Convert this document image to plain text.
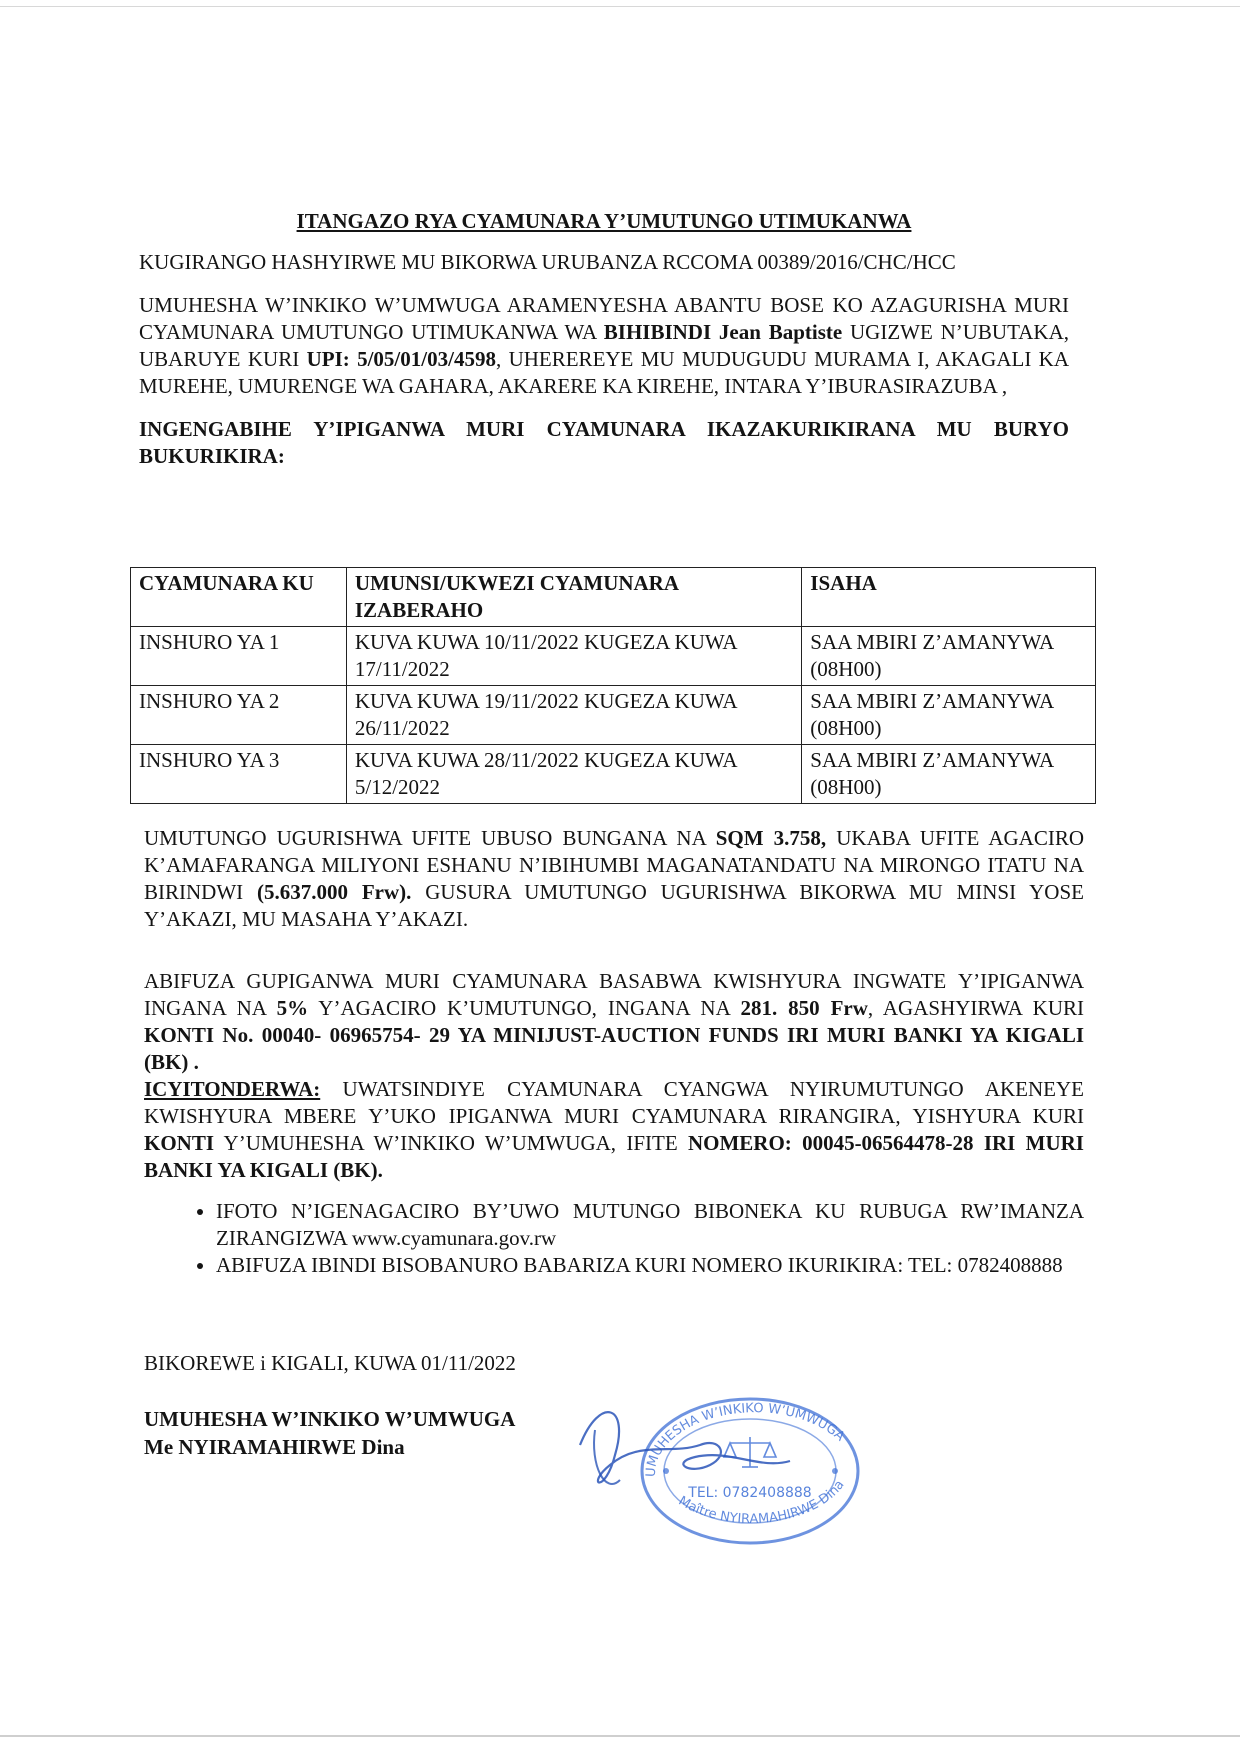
ITANGAZO RYA CYAMUNARA Y’UMUTUNGO UTIMUKANWA

KUGIRANGO HASHYIRWE MU BIKORWA URUBANZA RCCOMA 00389/2016/CHC/HCC

UMUHESHA W’INKIKO W’UMWUGA ARAMENYESHA ABANTU BOSE KO AZAGURISHA MURI CYAMUNARA UMUTUNGO UTIMUKANWA WA BIHIBINDI Jean Baptiste UGIZWE N’UBUTAKA, UBARUYE KURI UPI: 5/05/01/03/4598, UHEREREYE MU MUDUGUDU MURAMA I, AKAGALI KA MUREHE, UMURENGE WA GAHARA, AKARERE KA KIREHE, INTARA Y’IBURASIRAZUBA ,

INGENGABIHE Y’IPIGANWA MURI CYAMUNARA IKAZAKURIKIRANA MU BURYO BUKURIKIRA:

CYAMUNARA KU	UMUNSI/UKWEZI CYAMUNARA IZABERAHO	ISAHA
INSHURO YA 1	KUVA KUWA 10/11/2022 KUGEZA KUWA 17/11/2022	SAA MBIRI Z’AMANYWA (08H00)
INSHURO YA 2	KUVA KUWA 19/11/2022 KUGEZA KUWA 26/11/2022	SAA MBIRI Z’AMANYWA (08H00)
INSHURO YA 3	KUVA KUWA 28/11/2022 KUGEZA KUWA 5/12/2022	SAA MBIRI Z’AMANYWA (08H00)

UMUTUNGO UGURISHWA UFITE UBUSO BUNGANA NA SQM 3.758, UKABA UFITE AGACIRO K’AMAFARANGA MILIYONI ESHANU N’IBIHUMBI MAGANATANDATU NA MIRONGO ITATU NA BIRINDWI (5.637.000 Frw). GUSURA UMUTUNGO UGURISHWA BIKORWA MU MINSI YOSE Y’AKAZI, MU MASAHA Y’AKAZI.

ABIFUZA GUPIGANWA MURI CYAMUNARA BASABWA KWISHYURA INGWATE Y’IPIGANWA INGANA NA 5% Y’AGACIRO K’UMUTUNGO, INGANA NA 281. 850 Frw, AGASHYIRWA KURI KONTI No. 00040- 06965754- 29 YA MINIJUST-AUCTION FUNDS IRI MURI BANKI YA KIGALI (BK) .

ICYITONDERWA: UWATSINDIYE CYAMUNARA CYANGWA NYIRUMUTUNGO AKENEYE KWISHYURA MBERE Y’UKO IPIGANWA MURI CYAMUNARA RIRANGIRA, YISHYURA KURI KONTI Y’UMUHESHA W’INKIKO W’UMWUGA, IFITE NOMERO: 00045-06564478-28 IRI MURI BANKI YA KIGALI (BK).

• IFOTO N’IGENAGACIRO BY’UWO MUTUNGO BIBONEKA KU RUBUGA RW’IMANZA ZIRANGIZWA www.cyamunara.gov.rw
• ABIFUZA IBINDI BISOBANURO BABARIZA KURI NOMERO IKURIKIRA: TEL: 0782408888
BIKOREWE i KIGALI, KUWA 01/11/2022
UMUHESHA W’INKIKO W’UMWUGA
Me NYIRAMAHIRWE Dina
UMUHESHA W’INKIKO W’UMWUGA
TEL: 0782408888
Maître NYIRAMAHIRWE Dina
